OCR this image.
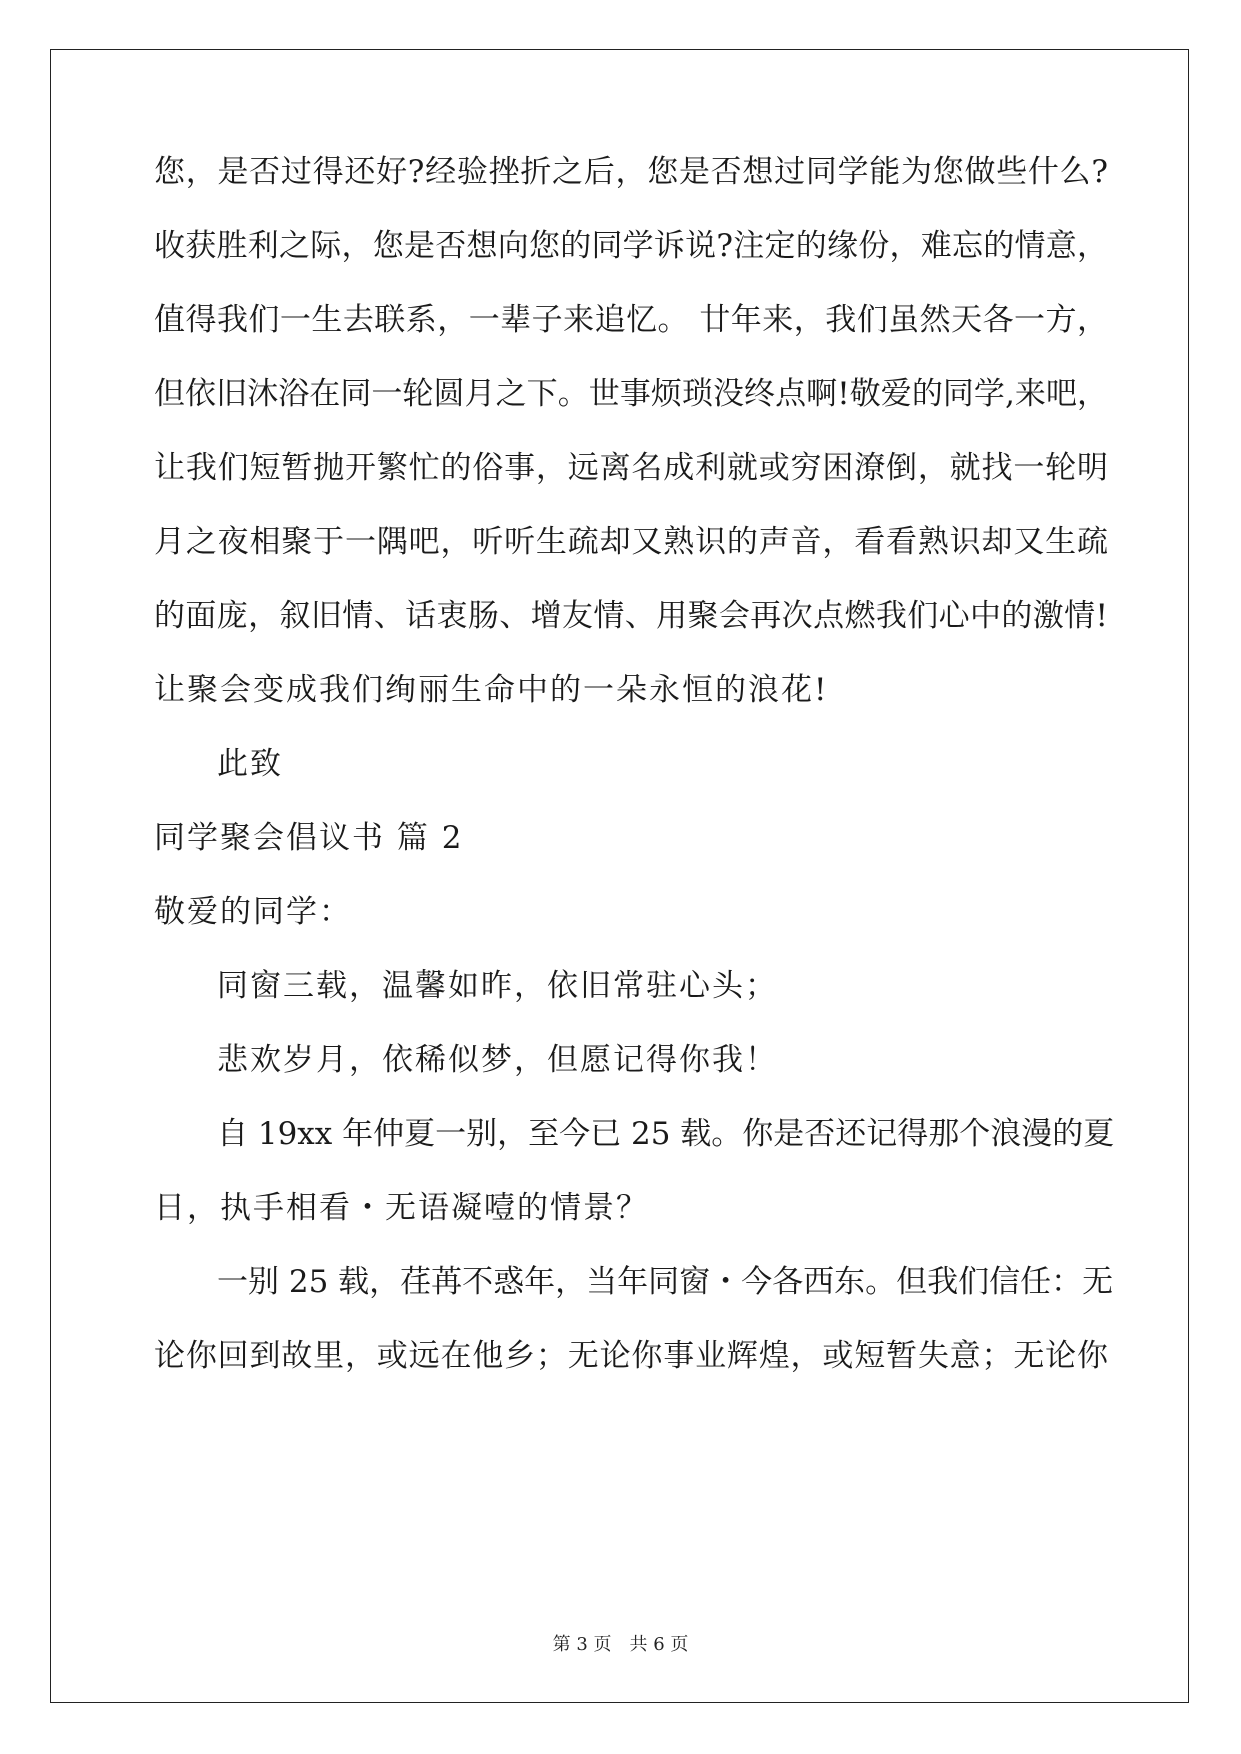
您，是否过得还好?经验挫折之后，您是否想过同学能为您做些什么?
收获胜利之际，您是否想向您的同学诉说?注定的缘份，难忘的情意，
值得我们一生去联系，一辈子来追忆。 廿年来，我们虽然天各一方，
但依旧沐浴在同一轮圆月之下。世事烦琐没终点啊!敬爱的同学,来吧，
让我们短暂抛开繁忙的俗事，远离名成利就或穷困潦倒，就找一轮明
月之夜相聚于一隅吧，听听生疏却又熟识的声音，看看熟识却又生疏
的面庞，叙旧情、话衷肠、增友情、用聚会再次点燃我们心中的激情!
让聚会变成我们绚丽生命中的一朵永恒的浪花!
此致
同学聚会倡议书 篇 2
敬爱的同学：
同窗三载，温馨如昨，依旧常驻心头；
悲欢岁月，依稀似梦，但愿记得你我！
自 19xx 年仲夏一别，至今已 25 载。你是否还记得那个浪漫的夏
日，执手相看・无语凝噎的情景？
一别 25 载，荏苒不惑年，当年同窗・今各西东。但我们信任：无
论你回到故里，或远在他乡；无论你事业辉煌，或短暂失意；无论你
第 3 页　共 6 页
